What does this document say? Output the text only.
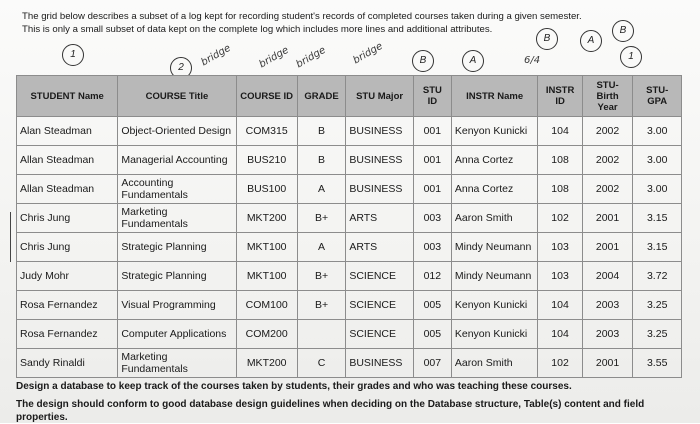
The grid below describes a subset of a log kept for recording student's records of completed courses taken during a given semester.

This is only a small subset of data kept on the complete log which includes more lines and additional attributes.

1
2	bridge bridge bridge bridge	B	A	6/4
B	A
B
1
STUDENT Name	COURSE Title	COURSE ID	GRADE	STU Major	STU ID	INSTR Name	INSTR ID	STU-Birth Year	STU-GPA
Alan Steadman	Object-Oriented Design	COM315	B	BUSINESS	001	Kenyon Kunicki	104	2002	3.00
Allan Steadman	Managerial Accounting	BUS210	B	BUSINESS	001	Anna Cortez	108	2002	3.00
Allan Steadman	Accounting Fundamentals	BUS100	A	BUSINESS	001	Anna Cortez	108	2002	3.00
Chris Jung	Marketing Fundamentals	MKT200	B+	ARTS	003	Aaron Smith	102	2001	3.15
Chris Jung	Strategic Planning	MKT100	A	ARTS	003	Mindy Neumann	103	2001	3.15
Judy Mohr	Strategic Planning	MKT100	B+	SCIENCE	012	Mindy Neumann	103	2004	3.72
Rosa Fernandez	Visual Programming	COM100	B+	SCIENCE	005	Kenyon Kunicki	104	2003	3.25
Rosa Fernandez	Computer Applications	COM200		SCIENCE	005	Kenyon Kunicki	104	2003	3.25
Sandy Rinaldi	Marketing Fundamentals	MKT200	C	BUSINESS	007	Aaron Smith	102	2001	3.55

Design a database to keep track of the courses taken by students, their grades and who was teaching these courses.

The design should conform to good database design guidelines when deciding on the Database structure, Table(s) content and field properties.
